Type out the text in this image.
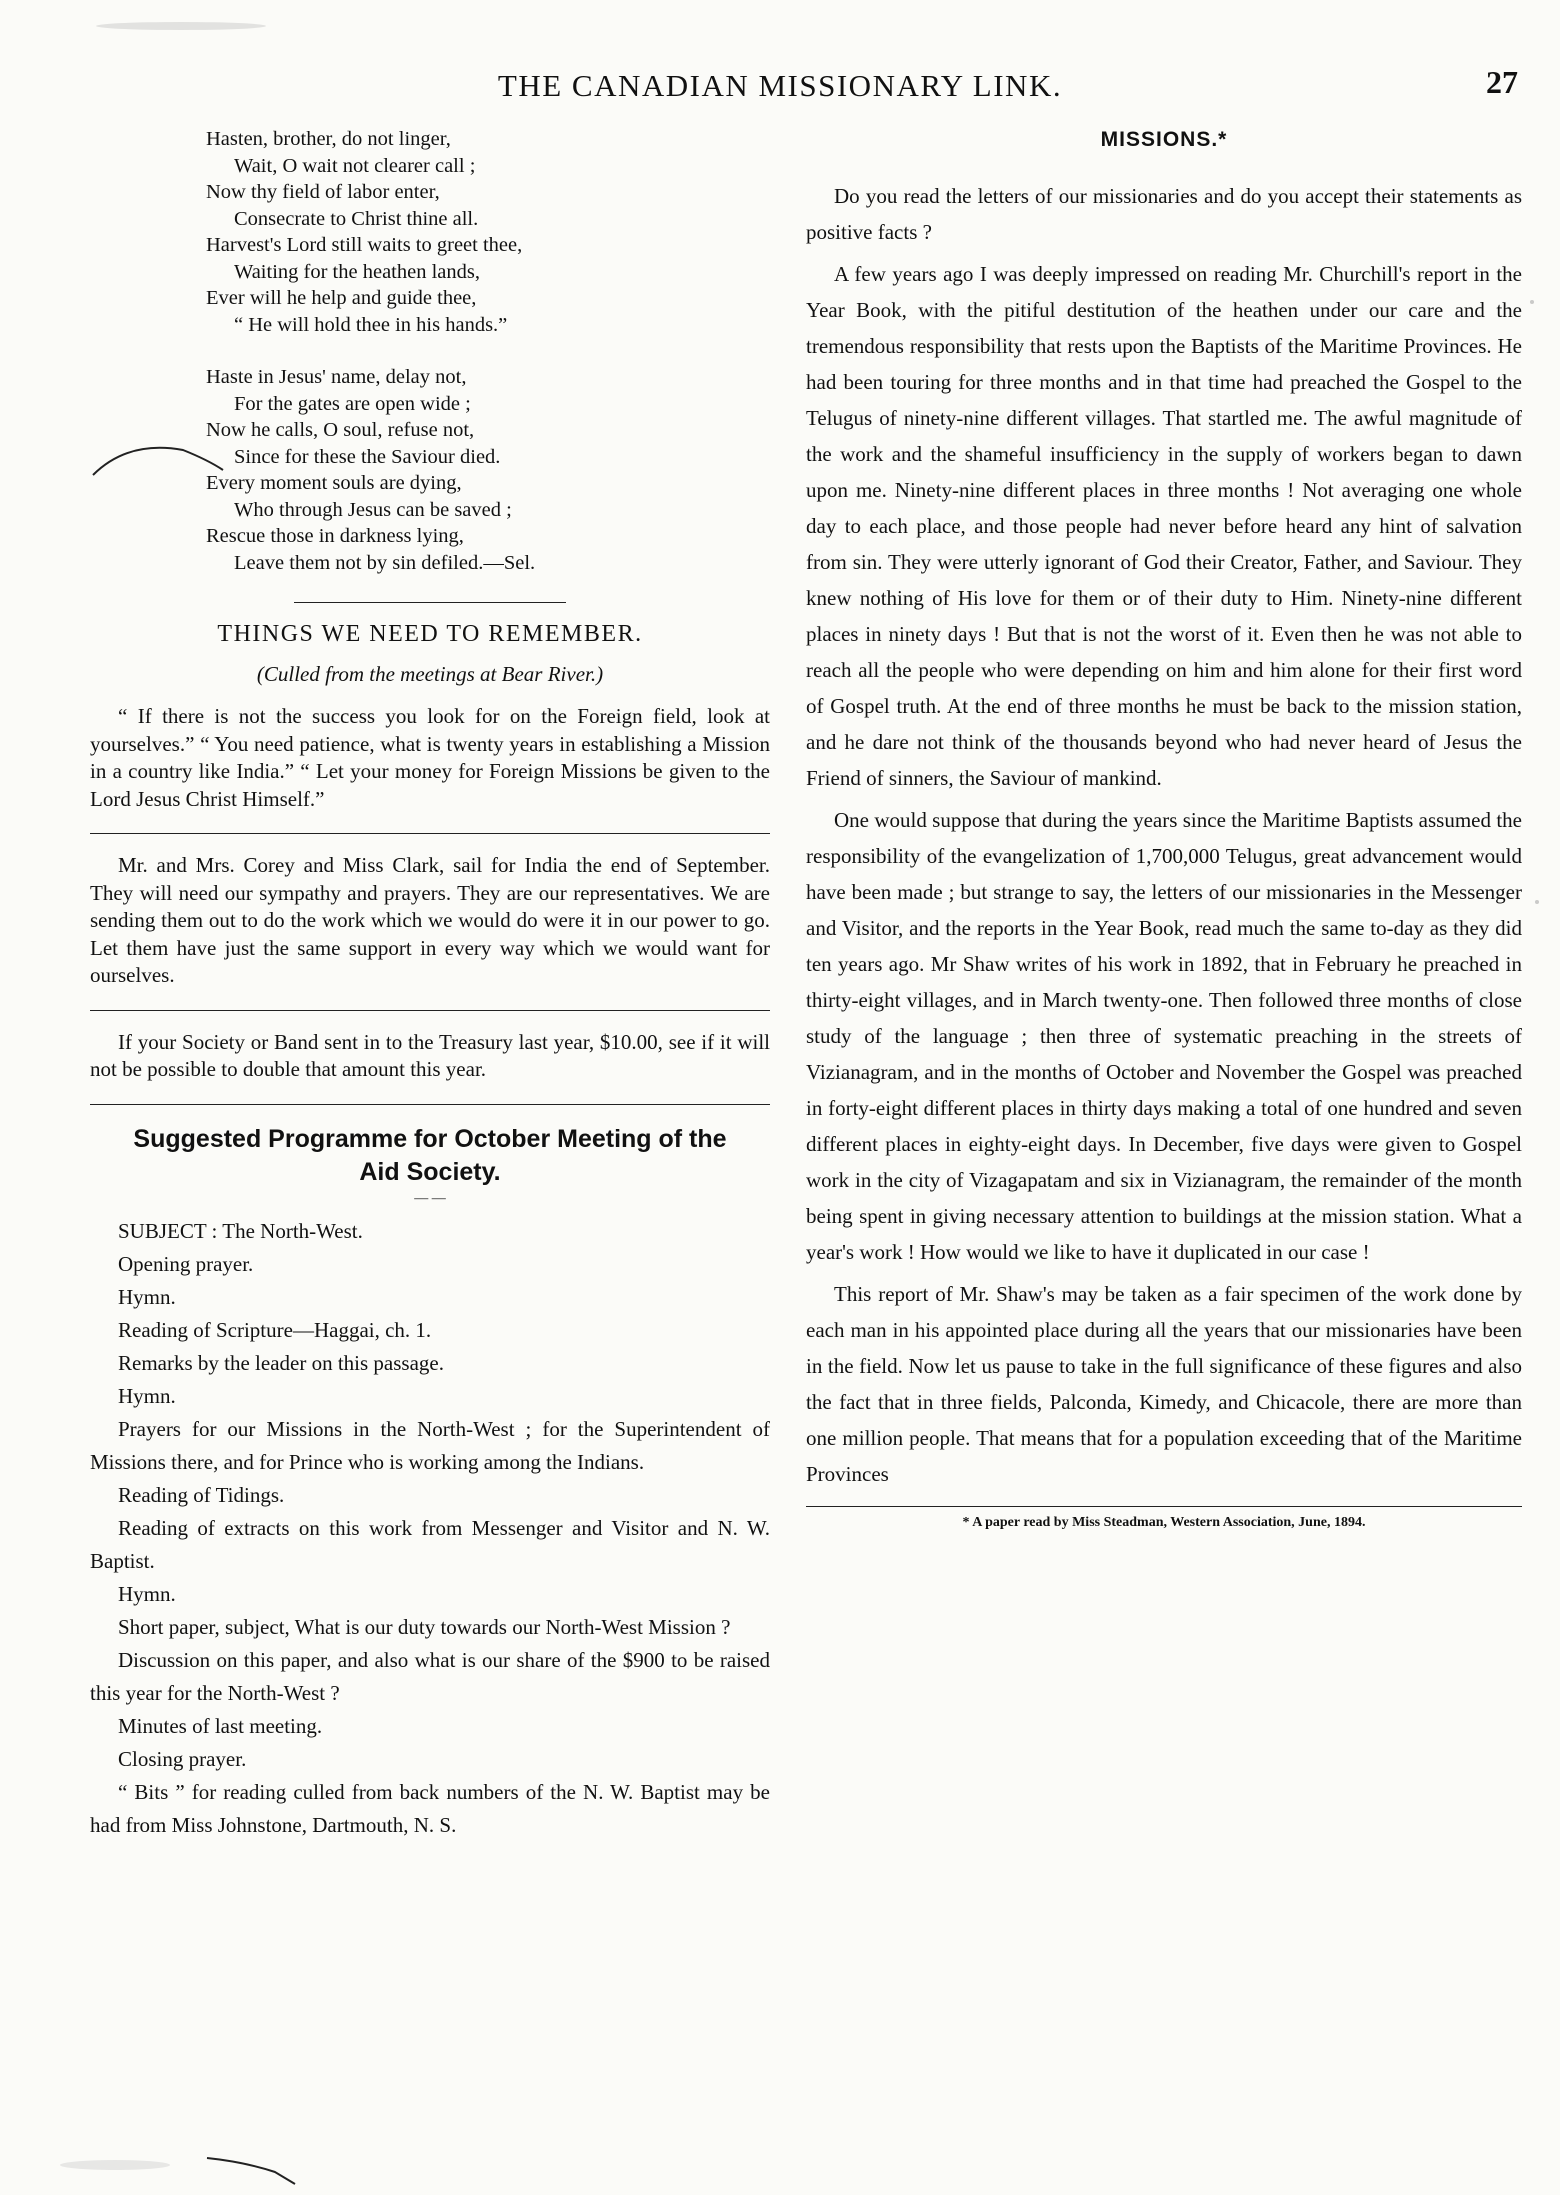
THE CANADIAN MISSIONARY LINK.	27
Hasten, brother, do not linger,
Wait, O wait not clearer call ;
Now thy field of labor enter,
Consecrate to Christ thine all.
Harvest's Lord still waits to greet thee,
Waiting for the heathen lands,
Ever will he help and guide thee,
“ He will hold thee in his hands.”
Haste in Jesus' name, delay not,
For the gates are open wide ;
Now he calls, O soul, refuse not,
Since for these the Saviour died.
Every moment souls are dying,
Who through Jesus can be saved ;
Rescue those in darkness lying,
Leave them not by sin defiled.—Sel.
THINGS WE NEED TO REMEMBER.
(Culled from the meetings at Bear River.)

“ If there is not the success you look for on the Foreign field, look at yourselves.” “ You need patience, what is twenty years in establishing a Mission in a country like India.” “ Let your money for Foreign Missions be given to the Lord Jesus Christ Himself.”

Mr. and Mrs. Corey and Miss Clark, sail for India the end of September. They will need our sympathy and prayers. They are our representatives. We are sending them out to do the work which we would do were it in our power to go. Let them have just the same support in every way which we would want for ourselves.

If your Society or Band sent in to the Treasury last year, $10.00, see if it will not be possible to double that amount this year.

Suggested Programme for October Meeting of the
Aid Society.
— —

SUBJECT : The North-West.

Opening prayer.

Hymn.

Reading of Scripture—Haggai, ch. 1.

Remarks by the leader on this passage.

Hymn.

Prayers for our Missions in the North-West ; for the Superintendent of Missions there, and for Prince who is working among the Indians.

Reading of Tidings.

Reading of extracts on this work from Messenger and Visitor and N. W. Baptist.

Hymn.

Short paper, subject, What is our duty towards our North-West Mission ?

Discussion on this paper, and also what is our share of the $900 to be raised this year for the North-West ?

Minutes of last meeting.

Closing prayer.

“ Bits ” for reading culled from back numbers of the N. W. Baptist may be had from Miss Johnstone, Dartmouth, N. S.

MISSIONS.*

Do you read the letters of our missionaries and do you accept their statements as positive facts ?

A few years ago I was deeply impressed on reading Mr. Churchill's report in the Year Book, with the pitiful destitution of the heathen under our care and the tremendous responsibility that rests upon the Baptists of the Maritime Provinces. He had been touring for three months and in that time had preached the Gospel to the Telugus of ninety-nine different villages. That startled me. The awful magnitude of the work and the shameful insufficiency in the supply of workers began to dawn upon me. Ninety-nine different places in three months ! Not averaging one whole day to each place, and those people had never before heard any hint of salvation from sin. They were utterly ignorant of God their Creator, Father, and Saviour. They knew nothing of His love for them or of their duty to Him. Ninety-nine different places in ninety days ! But that is not the worst of it. Even then he was not able to reach all the people who were depending on him and him alone for their first word of Gospel truth. At the end of three months he must be back to the mission station, and he dare not think of the thousands beyond who had never heard of Jesus the Friend of sinners, the Saviour of mankind.

One would suppose that during the years since the Maritime Baptists assumed the responsibility of the evangelization of 1,700,000 Telugus, great advancement would have been made ; but strange to say, the letters of our missionaries in the Messenger and Visitor, and the reports in the Year Book, read much the same to-day as they did ten years ago. Mr Shaw writes of his work in 1892, that in February he preached in thirty-eight villages, and in March twenty-one. Then followed three months of close study of the language ; then three of systematic preaching in the streets of Vizianagram, and in the months of October and November the Gospel was preached in forty-eight different places in thirty days making a total of one hundred and seven different places in eighty-eight days. In December, five days were given to Gospel work in the city of Vizagapatam and six in Vizianagram, the remainder of the month being spent in giving necessary attention to buildings at the mission station. What a year's work ! How would we like to have it duplicated in our case !

This report of Mr. Shaw's may be taken as a fair specimen of the work done by each man in his appointed place during all the years that our missionaries have been in the field. Now let us pause to take in the full significance of these figures and also the fact that in three fields, Palconda, Kimedy, and Chicacole, there are more than one million people. That means that for a population exceeding that of the Maritime Provinces

* A paper read by Miss Steadman, Western Association, June, 1894.
